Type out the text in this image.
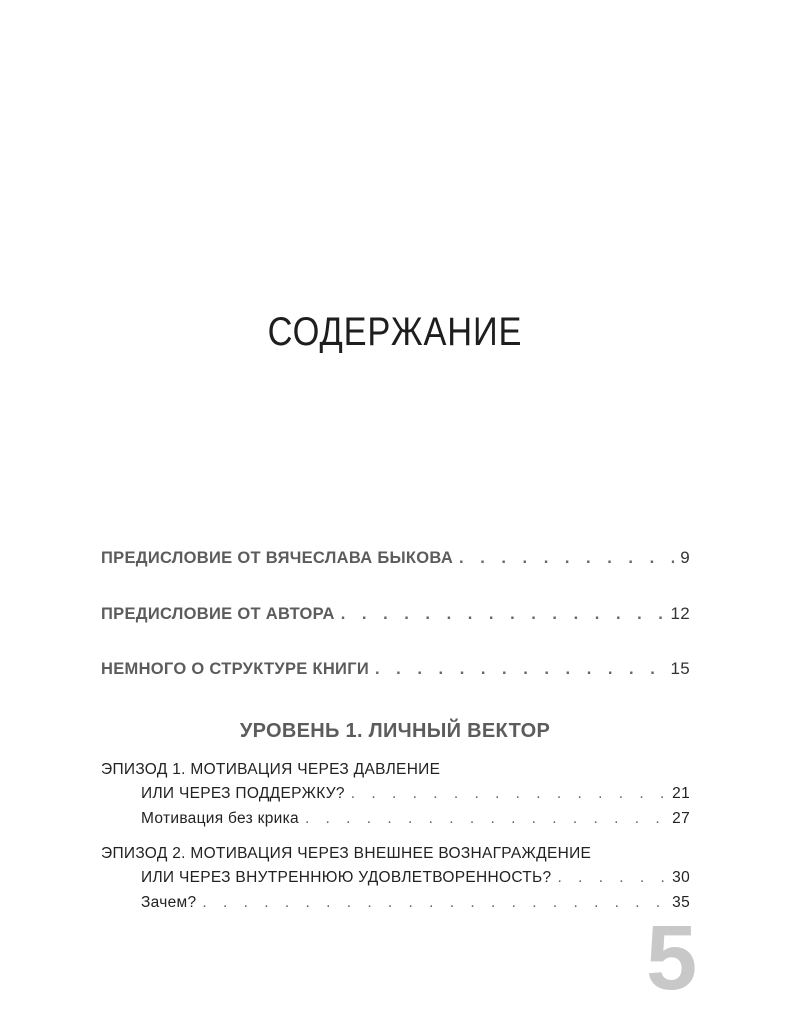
СОДЕРЖАНИЕ
ПРЕДИСЛОВИЕ ОТ ВЯЧЕСЛАВА БЫКОВА . . .	9
ПРЕДИСЛОВИЕ ОТ АВТОРА . . .	12
НЕМНОГО О СТРУКТУРЕ КНИГИ . . .	15
УРОВЕНЬ 1. ЛИЧНЫЙ ВЕКТОР
ЭПИЗОД 1. МОТИВАЦИЯ ЧЕРЕЗ ДАВЛЕНИЕ
ИЛИ ЧЕРЕЗ ПОДДЕРЖКУ? . . .	21
Мотивация без крика . . .	27
ЭПИЗОД 2. МОТИВАЦИЯ ЧЕРЕЗ ВНЕШНЕЕ ВОЗНАГРАЖДЕНИЕ
ИЛИ ЧЕРЕЗ ВНУТРЕННЮЮ УДОВЛЕТВОРЕННОСТЬ? . . .	30
Зачем? . . .	35
5
